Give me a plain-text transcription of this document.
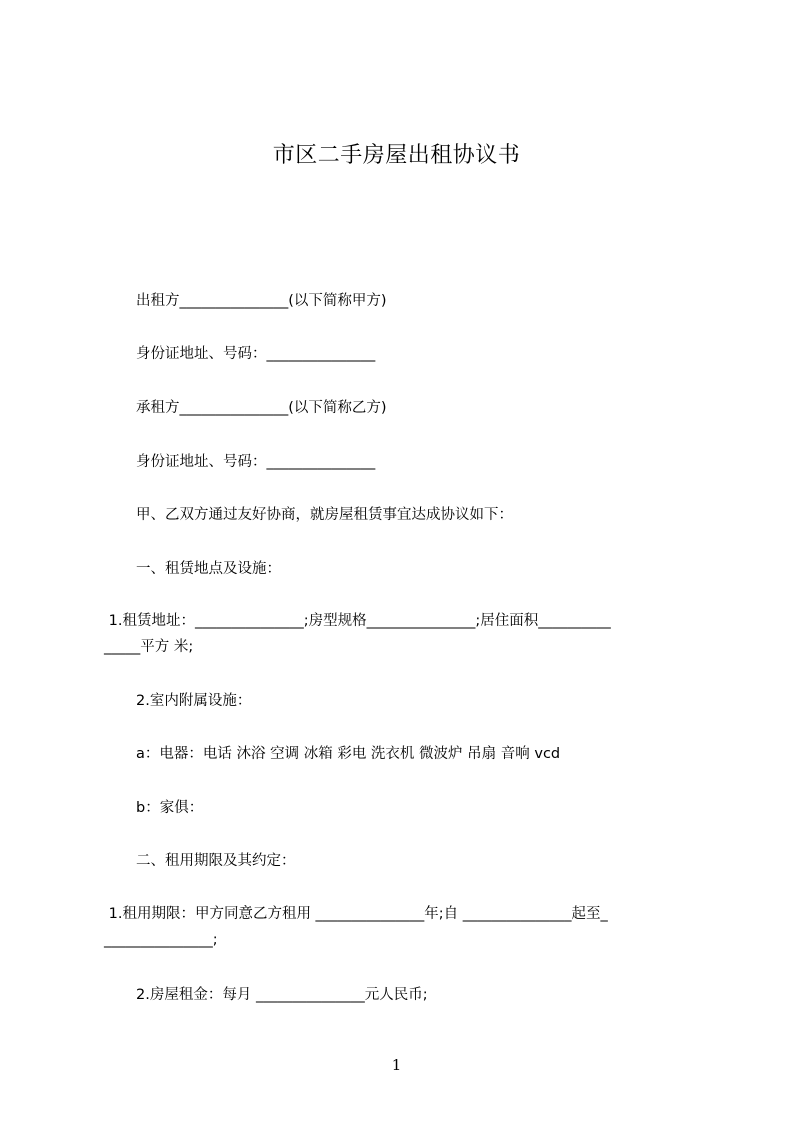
市区二手房屋出租协议书
出租方_______________(以下简称甲方)
身份证地址、号码：_______________
承租方_______________(以下简称乙方)
身份证地址、号码：_______________
甲、乙双方通过友好协商，就房屋租赁事宜达成协议如下：
一、租赁地点及设施：
1.租赁地址：_______________;房型规格_______________;居住面积__________
_____平方 米;
2.室内附属设施：
a：电器：电话 沐浴 空调 冰箱 彩电 洗衣机 微波炉 吊扇 音响 vcd
b：家俱：
二、租用期限及其约定：
1.租用期限：甲方同意乙方租用 _______________年;自 _______________起至_
_______________;
2.房屋租金：每月 _______________元人民币;
1
